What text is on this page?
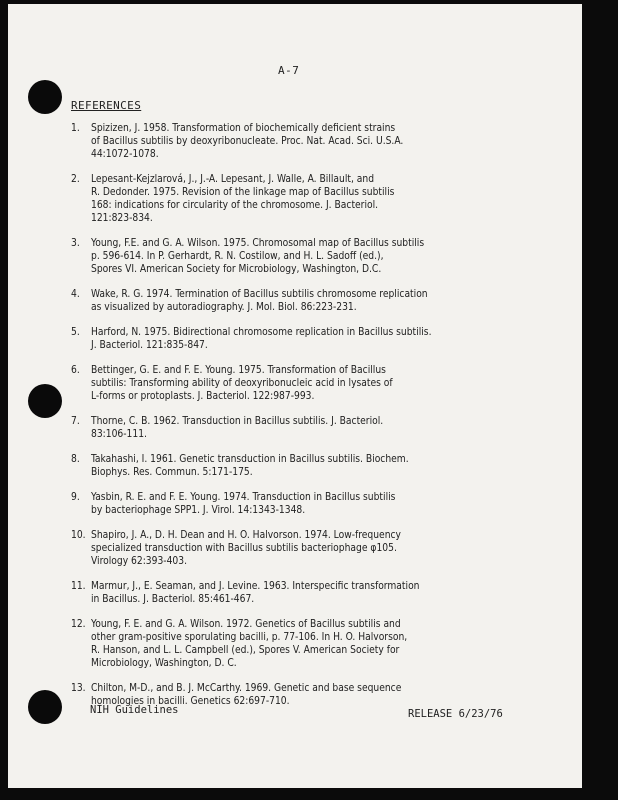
A-7
REFERENCES
1. Spizizen, J. 1958. Transformation of biochemically deficient strains
of Bacillus subtilis by deoxyribonucleate. Proc. Nat. Acad. Sci. U.S.A.
44:1072-1078.
2. Lepesant-Kejzlarová, J., J.-A. Lepesant, J. Walle, A. Billault, and
R. Dedonder. 1975. Revision of the linkage map of Bacillus subtilis
168: indications for circularity of the chromosome. J. Bacteriol.
121:823-834.
3. Young, F.E. and G. A. Wilson. 1975. Chromosomal map of Bacillus subtilis
p. 596-614. In P. Gerhardt, R. N. Costilow, and H. L. Sadoff (ed.),
Spores VI. American Society for Microbiology, Washington, D.C.
4. Wake, R. G. 1974. Termination of Bacillus subtilis chromosome replication
as visualized by autoradiography. J. Mol. Biol. 86:223-231.
5. Harford, N. 1975. Bidirectional chromosome replication in Bacillus subtilis.
J. Bacteriol. 121:835-847.
6. Bettinger, G. E. and F. E. Young. 1975. Transformation of Bacillus
subtilis: Transforming ability of deoxyribonucleic acid in lysates of
L-forms or protoplasts. J. Bacteriol. 122:987-993.
7. Thorne, C. B. 1962. Transduction in Bacillus subtilis. J. Bacteriol.
83:106-111.
8. Takahashi, I. 1961. Genetic transduction in Bacillus subtilis. Biochem.
Biophys. Res. Commun. 5:171-175.
9. Yasbin, R. E. and F. E. Young. 1974. Transduction in Bacillus subtilis
by bacteriophage SPP1. J. Virol. 14:1343-1348.
10. Shapiro, J. A., D. H. Dean and H. O. Halvorson. 1974. Low-frequency
specialized transduction with Bacillus subtilis bacteriophage φ105.
Virology 62:393-403.
11. Marmur, J., E. Seaman, and J. Levine. 1963. Interspecific transformation
in Bacillus. J. Bacteriol. 85:461-467.
12. Young, F. E. and G. A. Wilson. 1972. Genetics of Bacillus subtilis and
other gram-positive sporulating bacilli, p. 77-106. In H. O. Halvorson,
R. Hanson, and L. L. Campbell (ed.), Spores V. American Society for
Microbiology, Washington, D. C.
13. Chilton, M-D., and B. J. McCarthy. 1969. Genetic and base sequence
homologies in bacilli. Genetics 62:697-710.
NIH Guidelines	RELEASE 6/23/76
